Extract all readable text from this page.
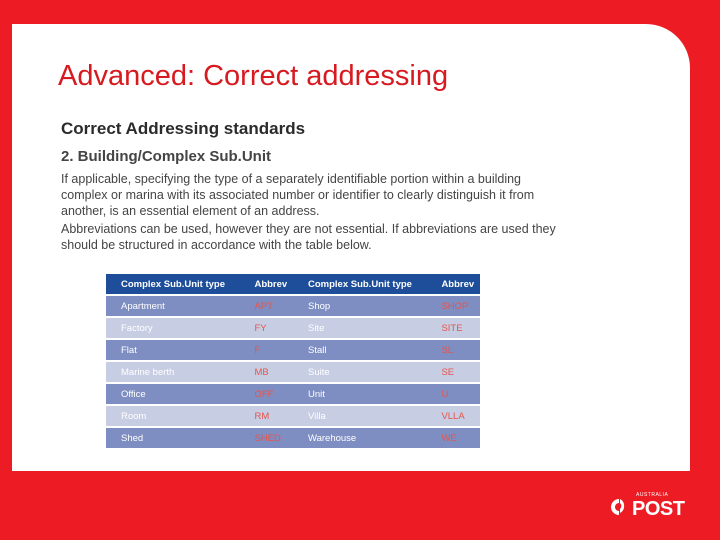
Advanced: Correct addressing
Correct Addressing standards
2. Building/Complex Sub.Unit

If applicable, specifying the type of a separately identifiable portion within a building complex or marina with its associated number or identifier to clearly distinguish it from another, is an essential element of an address.

Abbreviations can be used, however they are not essential. If abbreviations are used they should be structured in accordance with the table below.

Complex Sub.Unit type	Abbrev	Complex Sub.Unit type	Abbrev
Apartment	APT	Shop	SHOP
Factory	FY	Site	SITE
Flat	F	Stall	SL
Marine berth	MB	Suite	SE
Office	OFF	Unit	U
Room	RM	Villa	VLLA
Shed	SHED	Warehouse	WE
AUSTRALIA
POST
